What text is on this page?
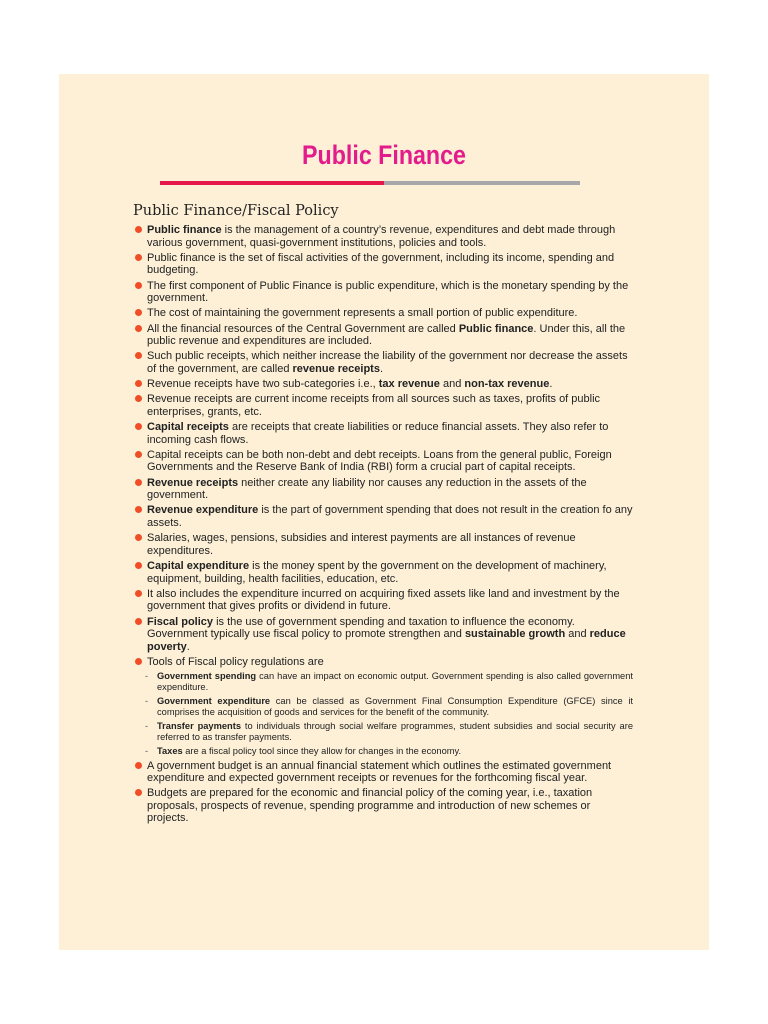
Public Finance
Public Finance/Fiscal Policy
Public finance is the management of a country’s revenue, expenditures and debt made through various government, quasi-government institutions, policies and tools.
Public finance is the set of fiscal activities of the government, including its income, spending and budgeting.
The first component of Public Finance is public expenditure, which is the monetary spending by the government.
The cost of maintaining the government represents a small portion of public expenditure.
All the financial resources of the Central Government are called Public finance. Under this, all the public revenue and expenditures are included.
Such public receipts, which neither increase the liability of the government nor decrease the assets of the government, are called revenue receipts.
Revenue receipts have two sub-categories i.e., tax revenue and non-tax revenue.
Revenue receipts are current income receipts from all sources such as taxes, profits of public enterprises, grants, etc.
Capital receipts are receipts that create liabilities or reduce financial assets. They also refer to incoming cash flows.
Capital receipts can be both non-debt and debt receipts. Loans from the general public, Foreign Governments and the Reserve Bank of India (RBI) form a crucial part of capital receipts.
Revenue receipts neither create any liability nor causes any reduction in the assets of the government.
Revenue expenditure is the part of government spending that does not result in the creation fo any assets.
Salaries, wages, pensions, subsidies and interest payments are all instances of revenue expenditures.
Capital expenditure is the money spent by the government on the development of machinery, equipment, building, health facilities, education, etc.
It also includes the expenditure incurred on acquiring fixed assets like land and investment by the government that gives profits or dividend in future.
Fiscal policy is the use of government spending and taxation to influence the economy. Government typically use fiscal policy to promote strengthen and sustainable growth and reduce poverty.
Tools of Fiscal policy regulations are
- Government spending can have an impact on economic output. Government spending is also called government expenditure.
- Government expenditure can be classed as Government Final Consumption Expenditure (GFCE) since it comprises the acquisition of goods and services for the benefit of the community.
- Transfer payments to individuals through social welfare programmes, student subsidies and social security are referred to as transfer payments.
- Taxes are a fiscal policy tool since they allow for changes in the economy.
A government budget is an annual financial statement which outlines the estimated government expenditure and expected government receipts or revenues for the forthcoming fiscal year.
Budgets are prepared for the economic and financial policy of the coming year, i.e., taxation proposals, prospects of revenue, spending programme and introduction of new schemes or projects.
